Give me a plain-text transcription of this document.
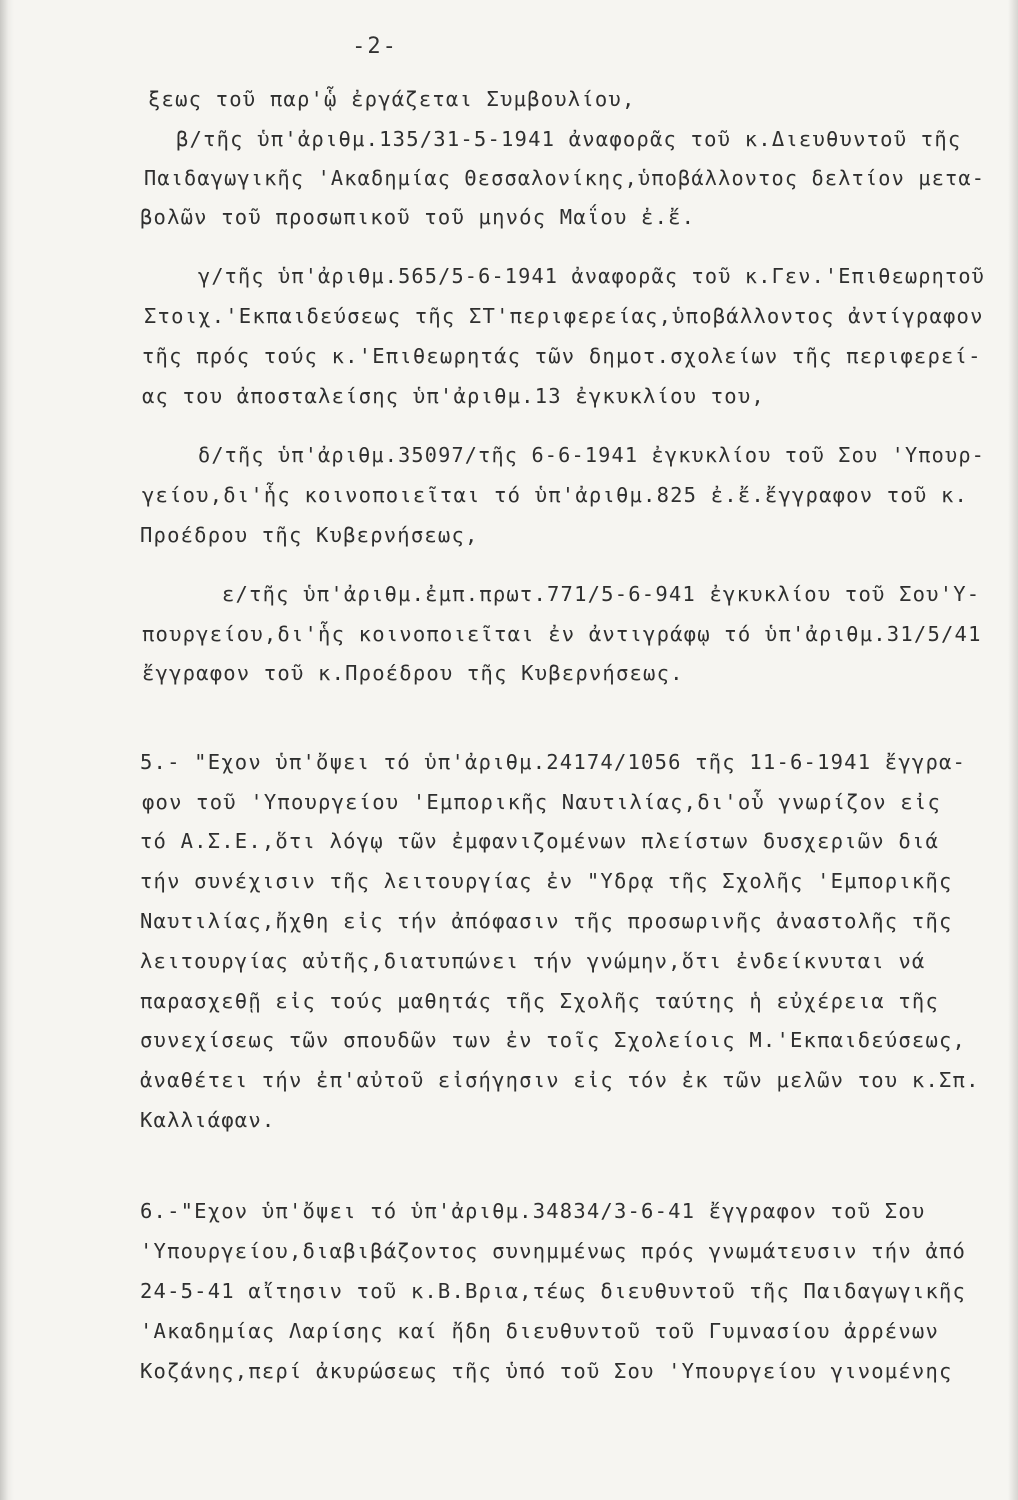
-2-
ξεως τοῦ παρ'ᾧ ἐργάζεται Συμβουλίου,
β/τῆς ὑπ'ἀριθμ.135/31-5-1941 ἀναφορᾶς τοῦ κ.Διευθυντοῦ τῆς
Παιδαγωγικῆς 'Ακαδημίας Θεσσαλονίκης,ὑποβάλλοντος δελτίον μετα-
βολῶν τοῦ προσωπικοῦ τοῦ μηνός Μαΐου ἐ.ἔ.
γ/τῆς ὑπ'ἀριθμ.565/5-6-1941 ἀναφορᾶς τοῦ κ.Γεν.'Επιθεωρητοῦ
Στοιχ.'Εκπαιδεύσεως τῆς ΣΤ'περιφερείας,ὑποβάλλοντος ἀντίγραφον
τῆς πρός τούς κ.'Επιθεωρητάς τῶν δημοτ.σχολείων τῆς περιφερεί-
ας του ἀποσταλείσης ὑπ'ἀριθμ.13 ἐγκυκλίου του,
δ/τῆς ὑπ'ἀριθμ.35097/τῆς 6-6-1941 ἐγκυκλίου τοῦ Σου 'Υπουρ-
γείου,δι'ἧς κοινοποιεῖται τό ὑπ'ἀριθμ.825 ἐ.ἔ.ἔγγραφον τοῦ κ.
Προέδρου τῆς Κυβερνήσεως,
ε/τῆς ὑπ'ἀριθμ.ἐμπ.πρωτ.771/5-6-941 ἐγκυκλίου τοῦ Σου'Υ-
πουργείου,δι'ἧς κοινοποιεῖται ἐν ἀντιγράφῳ τό ὑπ'ἀριθμ.31/5/41
ἔγγραφον τοῦ κ.Προέδρου τῆς Κυβερνήσεως.
5.- "Εχον ὑπ'ὄψει τό ὑπ'ἀριθμ.24174/1056 τῆς 11-6-1941 ἔγγρα-
φον τοῦ 'Υπουργείου 'Εμπορικῆς Ναυτιλίας,δι'οὗ γνωρίζον εἰς
τό Α.Σ.Ε.,ὅτι λόγῳ τῶν ἐμφανιζομένων πλείστων δυσχεριῶν διά
τήν συνέχισιν τῆς λειτουργίας ἐν "Υδρᾳ τῆς Σχολῆς 'Εμπορικῆς
Ναυτιλίας,ἤχθη εἰς τήν ἀπόφασιν τῆς προσωρινῆς ἀναστολῆς τῆς
λειτουργίας αὐτῆς,διατυπώνει τήν γνώμην,ὅτι ἐνδείκνυται νά
παρασχεθῇ εἰς τούς μαθητάς τῆς Σχολῆς ταύτης ἡ εὐχέρεια τῆς
συνεχίσεως τῶν σπουδῶν των ἐν τοῖς Σχολείοις Μ.'Εκπαιδεύσεως,
ἀναθέτει τήν ἐπ'αὐτοῦ εἰσήγησιν εἰς τόν ἐκ τῶν μελῶν του κ.Σπ.
Καλλιάφαν.
6.-"Εχον ὑπ'ὄψει τό ὑπ'ἀριθμ.34834/3-6-41 ἔγγραφον τοῦ Σου
'Υπουργείου,διαβιβάζοντος συνημμένως πρός γνωμάτευσιν τήν ἀπό
24-5-41 αἴτησιν τοῦ κ.Β.Βρια,τέως διευθυντοῦ τῆς Παιδαγωγικῆς
'Ακαδημίας Λαρίσης καί ἤδη διευθυντοῦ τοῦ Γυμνασίου ἀρρένων
Κοζάνης,περί ἀκυρώσεως τῆς ὑπό τοῦ Σου 'Υπουργείου γινομένης
